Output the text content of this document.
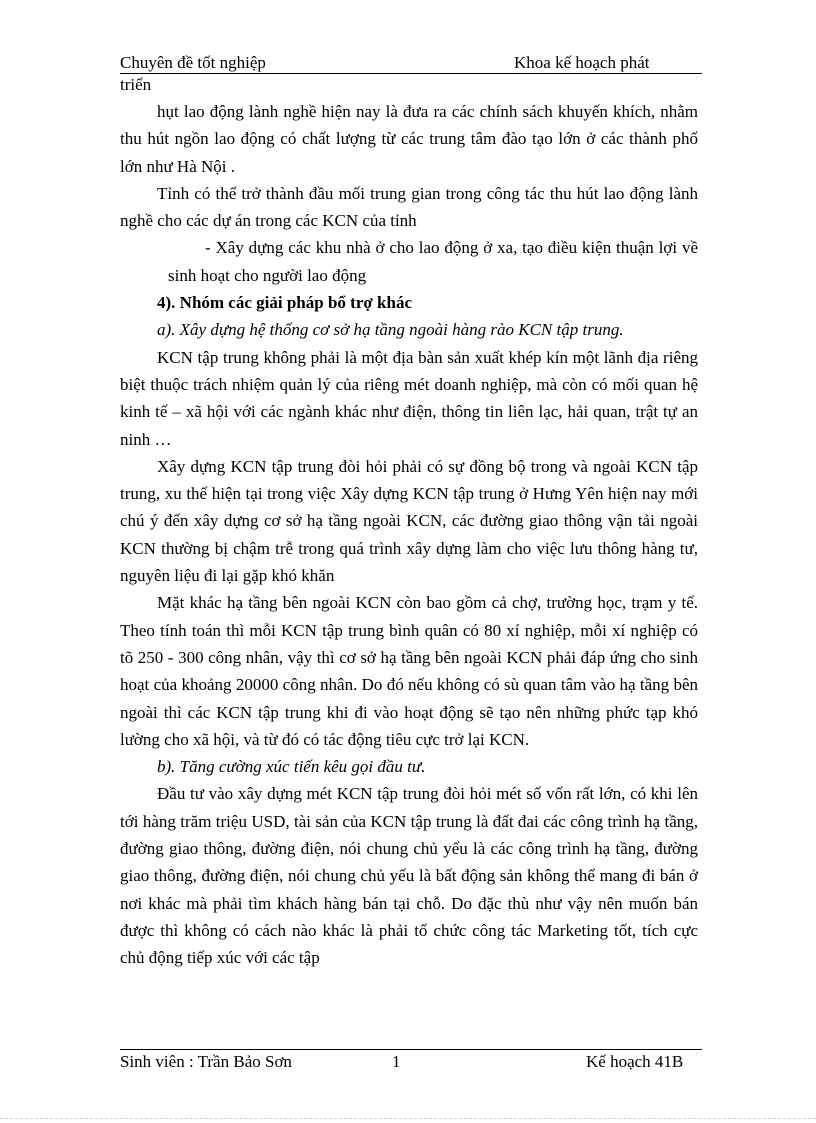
Chuyên đề tốt nghiệp	Khoa kế hoạch phát
triển

hụt lao động lành nghề hiện nay là đưa ra các chính sách khuyến khích, nhằm thu hút ngồn lao động có chất lượng từ các trung tâm đào tạo lớn ở các thành phố lớn như Hà Nội .

Tỉnh có thể trở thành đầu mối trung gian trong công tác thu hút lao động lành nghề cho các dự án trong các KCN của tỉnh

- Xây dựng các khu nhà ở cho lao động ở xa, tạo điều kiện thuận lợi về sinh hoạt cho người lao động

4). Nhóm các giải pháp bổ trợ khác

a). Xây dựng hệ thống cơ sở hạ tầng ngoài hàng rào KCN tập trung.

KCN tập trung không phải là một địa bàn sản xuất khép kín một lãnh địa riêng biệt thuộc trách nhiệm quản lý của riêng mét doanh nghiệp, mà còn có mối quan hệ kinh tế – xã hội với các ngành khác như điện, thông tin liên lạc, hải quan, trật tự an ninh …

Xây dựng KCN tập trung đòi hỏi phải có sự đồng bộ trong và ngoài KCN tập trung, xu thế hiện tại trong việc Xây dựng KCN tập trung ở Hưng Yên hiện nay mới chú ý đến xây dựng cơ sở hạ tầng ngoài KCN, các đường giao thông vận tải ngoài KCN thường bị chậm trễ trong quá trình xây dựng làm cho việc lưu thông hàng tư, nguyên liệu đi lại gặp khó khăn

Mặt khác hạ tầng bên ngoài KCN còn bao gồm cả chợ, trường học, trạm y tế. Theo tính toán thì mỗi KCN tập trung bình quân có 80 xí nghiệp, mỗi xí nghiệp có tõ 250 - 300 công nhân, vậy thì cơ sở hạ tầng bên ngoài KCN phải đáp ứng cho sinh hoạt của khoảng 20000 công nhân. Do đó nếu không có sù quan tâm vào hạ tầng bên ngoài thì các KCN tập trung khi đi vào hoạt động sẽ tạo nên những phức tạp khó lường cho xã hội, và từ đó có tác động tiêu cực trở lại KCN.

b). Tăng cường xúc tiến kêu gọi đầu tư.

Đầu tư vào xây dựng mét KCN tập trung đòi hỏi mét số vốn rất lớn, có khi lên tới hàng trăm triệu USD, tài sản của KCN tập trung là đất đai các công trình hạ tầng, đường giao thông, đường điện, nói chung chủ yếu là các công trình hạ tầng, đường giao thông, đường điện, nói chung chủ yếu là bất động sản không thể mang đi bán ở nơi khác mà phải tìm khách hàng bán tại chỗ. Do đặc thù như vậy nên muốn bán được thì không có cách nào khác là phải tổ chức công tác Marketing tốt, tích cực chủ động tiếp xúc với các tập

Sinh viên : Trần Bảo Sơn	1	Kế hoạch 41B
